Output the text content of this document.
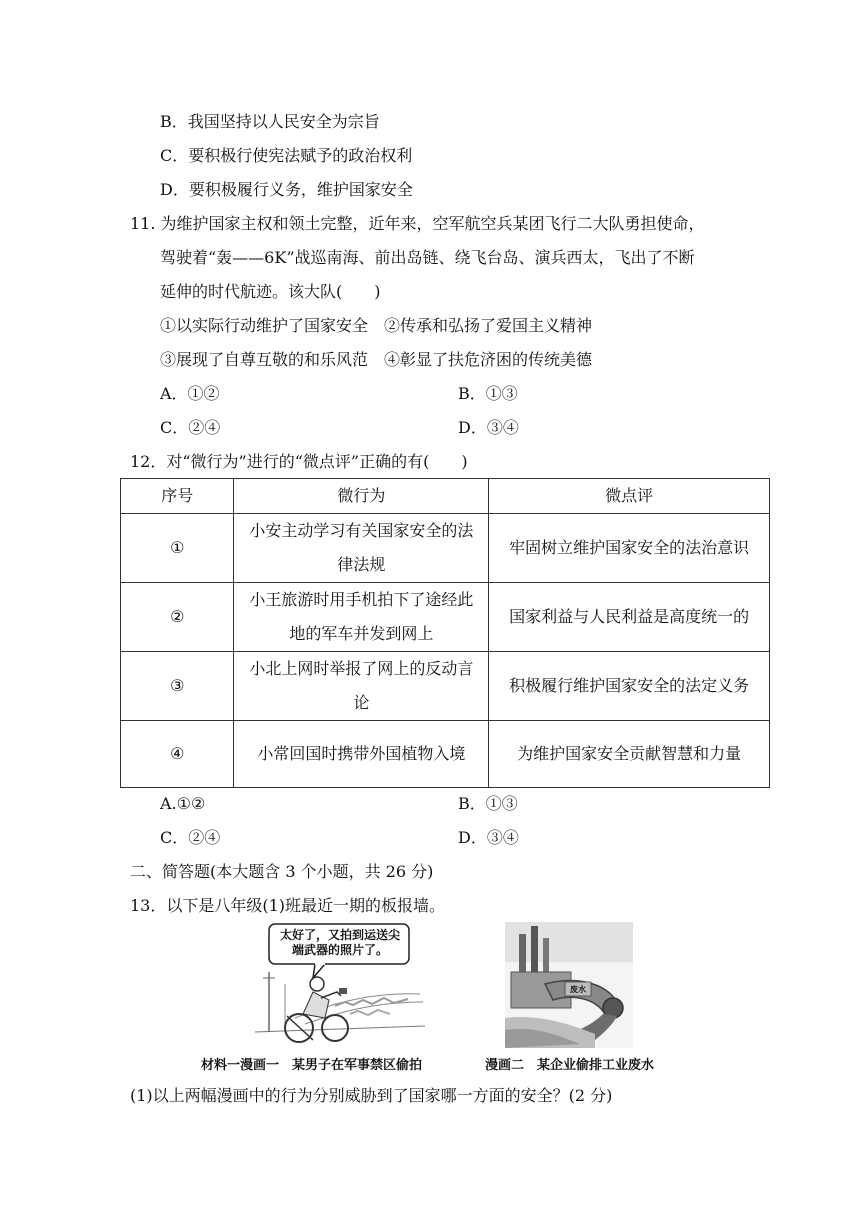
B．我国坚持以人民安全为宗旨
C．要积极行使宪法赋予的政治权利
D．要积极履行义务，维护国家安全
11. 为维护国家主权和领土完整，近年来，空军航空兵某团飞行二大队勇担使命，
驾驶着“轰——6K”战巡南海、前出岛链、绕飞台岛、演兵西太，飞出了不断
延伸的时代航迹。该大队(　　)
①以实际行动维护了国家安全　②传承和弘扬了爱国主义精神
③展现了自尊互敬的和乐风范　④彰显了扶危济困的传统美德
A．①②	B．①③
C．②④	D．③④
12．对“微行为”进行的“微点评”正确的有(　　)
序号	微行为	微点评
①	小安主动学习有关国家安全的法律法规	牢固树立维护国家安全的法治意识
②	小王旅游时用手机拍下了途经此地的军车并发到网上	国家利益与人民利益是高度统一的
③	小北上网时举报了网上的反动言论	积极履行维护国家安全的法定义务
④	小常回国时携带外国植物入境	为维护国家安全贡献智慧和力量
A.①②	B．①③
C．②④	D．③④
二、简答题(本大题含 3 个小题，共 26 分)
13．以下是八年级(1)班最近一期的板报墙。
太好了，又拍到运送尖端武器的照片了。
材料一漫画一　某男子在军事禁区偷拍
废水
漫画二　某企业偷排工业废水
(1)以上两幅漫画中的行为分别威胁到了国家哪一方面的安全？(2 分)
